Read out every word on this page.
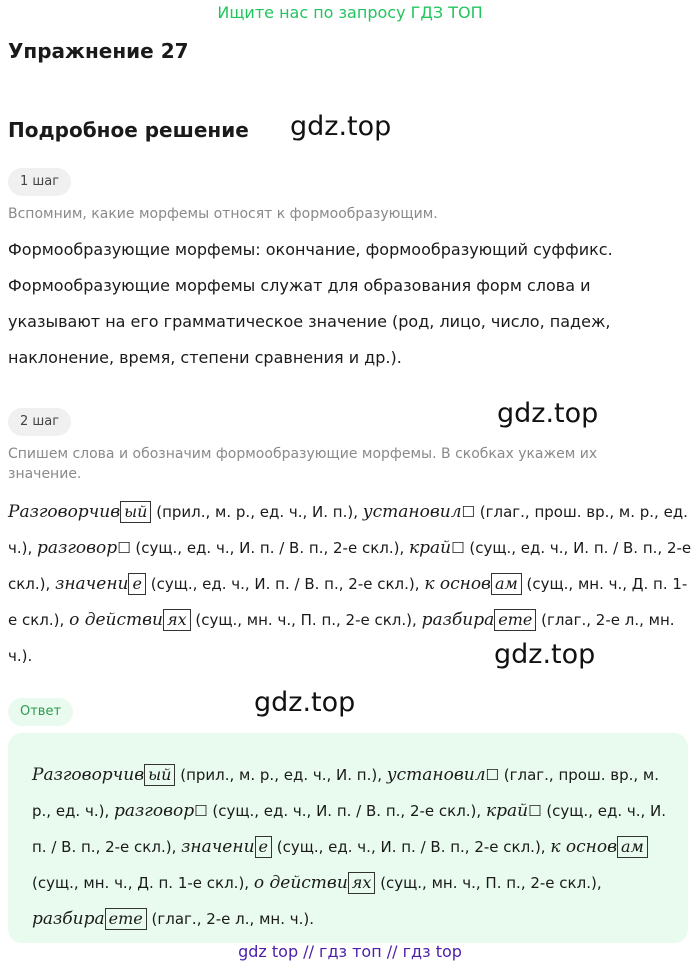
Ищите нас по запросу ГДЗ ТОП
Упражнение 27
Подробное решение gdz.top
gdz.top
gdz.top
gdz.top
1 шаг

Вспомним, какие морфемы относят к формообразующим.

Формообразующие морфемы: окончание, формообразующий суффикс.

Формообразующие морфемы служат для образования форм слова и

указывают на его грамматическое значение (род, лицо, число, падеж,

наклонение, время, степени сравнения и др.).

2 шаг

Спишем слова и обозначим формообразующие морфемы. В скобках укажем их
значение.

Разговорчив ый (прил., м. р., ед. ч., И. п.), установил☐ (глаг., прош. вр., м. р., ед. ч.), разговор☐ (сущ., ед. ч., И. п. / В. п., 2-е скл.), край☐ (сущ., ед. ч., И. п. / В. п., 2-е скл.), значени е (сущ., ед. ч., И. п. / В. п., 2-е скл.), к основ ам (сущ., мн. ч., Д. п. 1-е скл.), о действи ях (сущ., мн. ч., П. п., 2-е скл.), разбира ете (глаг., 2-е л., мн. ч.).
Ответ
Разговорчив ый (прил., м. р., ед. ч., И. п.), установил☐ (глаг., прош. вр., м. р., ед. ч.), разговор☐ (сущ., ед. ч., И. п. / В. п., 2-е скл.), край☐ (сущ., ед. ч., И. п. / В. п., 2-е скл.), значени е (сущ., ед. ч., И. п. / В. п., 2-е скл.), к основ ам (сущ., мн. ч., Д. п. 1-е скл.), о действи ях (сущ., мн. ч., П. п., 2-е скл.), разбира ете (глаг., 2-е л., мн. ч.).
gdz top // гдз топ // гдз top
